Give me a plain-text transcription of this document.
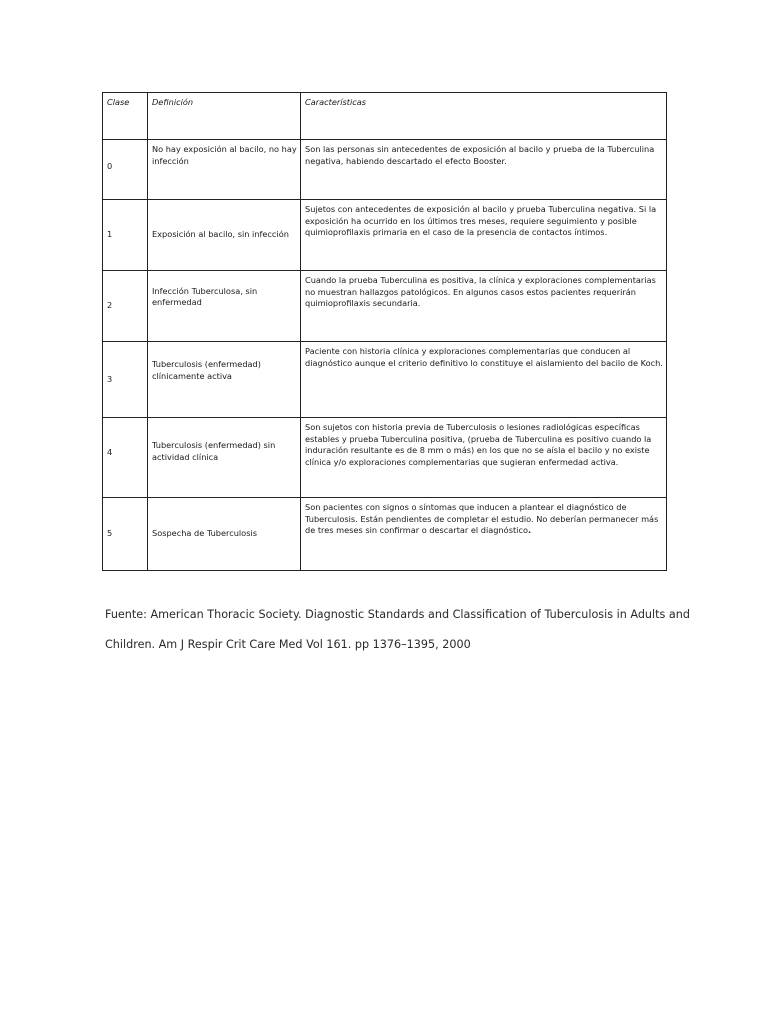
Clase	Definición	Características

0	No hay exposición al bacilo, no hay infección	Son las personas sin antecedentes de exposición al bacilo y prueba de la Tuberculina negativa, habiendo descartado el efecto Booster.

1	Exposición al bacilo, sin infección	Sujetos con antecedentes de exposición al bacilo y prueba Tuberculina negativa. Si la exposición ha ocurrido en los últimos tres meses, requiere seguimiento y posible quimioprofilaxis primaria en el caso de la presencia de contactos íntimos.

2	Infección Tuberculosa, sin enfermedad	Cuando la prueba Tuberculina es positiva, la clínica y exploraciones complementarias no muestran hallazgos patológicos. En algunos casos estos pacientes requerirán quimioprofilaxis secundaria.

3	Tuberculosis (enfermedad) clínicamente activa	Paciente con historia clínica y exploraciones complementarias que conducen al diagnóstico aunque el criterio definitivo lo constituye el aislamiento del bacilo de Koch.

4	Tuberculosis (enfermedad) sin actividad clínica	Son sujetos con historia previa de Tuberculosis o lesiones radiológicas específicas estables y prueba Tuberculina positiva, (prueba de Tuberculina es positivo cuando la induración resultante es de 8 mm o más) en los que no se aísla el bacilo y no existe clínica y/o exploraciones complementarias que sugieran enfermedad activa.

5	Sospecha de Tuberculosis	Son pacientes con signos o síntomas que inducen a plantear el diagnóstico de Tuberculosis. Están pendientes de completar el estudio. No deberían permanecer más de tres meses sin confirmar o descartar el diagnóstico.
Fuente: American Thoracic Society. Diagnostic Standards and Classification of Tuberculosis in Adults and
Children. Am J Respir Crit Care Med Vol 161. pp 1376–1395, 2000
